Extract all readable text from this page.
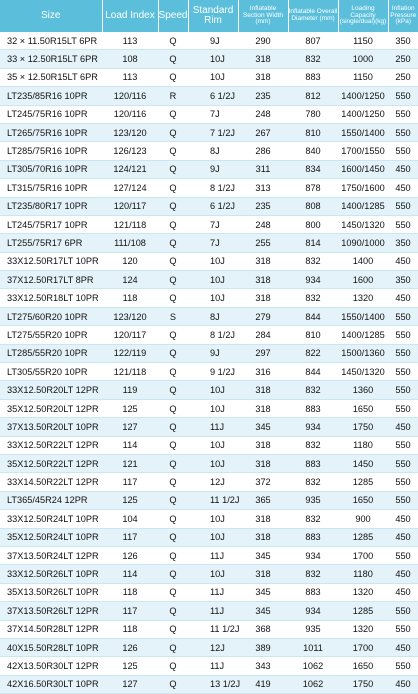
Size	Load Index	Speed	Standard Rim	Inflatable Section Width (mm)	Inflatable Overall Diameter (mm)	Loading Capacity (single/dual)(kg)	Inflation Pressure (kPa)
32 × 11.50R15LT 6PR	113	Q	9J	290	807	1150	350
33 × 12.50R15LT 6PR	108	Q	10J	318	832	1000	250
35 × 12.50R15LT 6PR	113	Q	10J	318	883	1150	250
LT235/85R16 10PR	120/116	R	6 1/2J	235	812	1400/1250	550
LT245/75R16 10PR	120/116	Q	7J	248	780	1400/1250	550
LT265/75R16 10PR	123/120	Q	7 1/2J	267	810	1550/1400	550
LT285/75R16 10PR	126/123	Q	8J	286	840	1700/1550	550
LT305/70R16 10PR	124/121	Q	9J	311	834	1600/1450	450
LT315/75R16 10PR	127/124	Q	8 1/2J	313	878	1750/1600	450
LT235/80R17 10PR	120/117	Q	6 1/2J	235	808	1400/1285	550
LT245/75R17 10PR	121/118	Q	7J	248	800	1450/1320	550
LT255/75R17 6PR	111/108	Q	7J	255	814	1090/1000	350
33X12.50R17LT 10PR	120	Q	10J	318	832	1400	450
37X12.50R17LT 8PR	124	Q	10J	318	934	1600	350
33X12.50R18LT 10PR	118	Q	10J	318	832	1320	450
LT275/60R20 10PR	123/120	S	8J	279	844	1550/1400	550
LT275/55R20 10PR	120/117	Q	8 1/2J	284	810	1400/1285	550
LT285/55R20 10PR	122/119	Q	9J	297	822	1500/1360	550
LT305/55R20 10PR	121/118	Q	9 1/2J	316	844	1450/1320	550
33X12.50R20LT 12PR	119	Q	10J	318	832	1360	550
35X12.50R20LT 12PR	125	Q	10J	318	883	1650	550
37X13.50R20LT 10PR	127	Q	11J	345	934	1750	450
33X12.50R22LT 12PR	114	Q	10J	318	832	1180	550
35X12.50R22LT 12PR	121	Q	10J	318	883	1450	550
33X14.50R22LT 12PR	117	Q	12J	372	832	1285	550
LT365/45R24 12PR	125	Q	11 1/2J	365	935	1650	550
33X12.50R24LT 10PR	104	Q	10J	318	832	900	450
35X12.50R24LT 10PR	117	Q	10J	318	883	1285	450
37X13.50R24LT 12PR	126	Q	11J	345	934	1700	550
33X12.50R26LT 10PR	114	Q	10J	318	832	1180	450
35X13.50R26LT 10PR	118	Q	11J	345	883	1320	450
37X13.50R26LT 12PR	117	Q	11J	345	934	1285	550
37X14.50R28LT 12PR	118	Q	11 1/2J	368	935	1320	550
40X15.50R28LT 10PR	126	Q	12J	389	1011	1700	450
42X13.50R30LT 12PR	125	Q	11J	343	1062	1650	550
42X16.50R30LT 10PR	127	Q	13 1/2J	419	1062	1750	450
